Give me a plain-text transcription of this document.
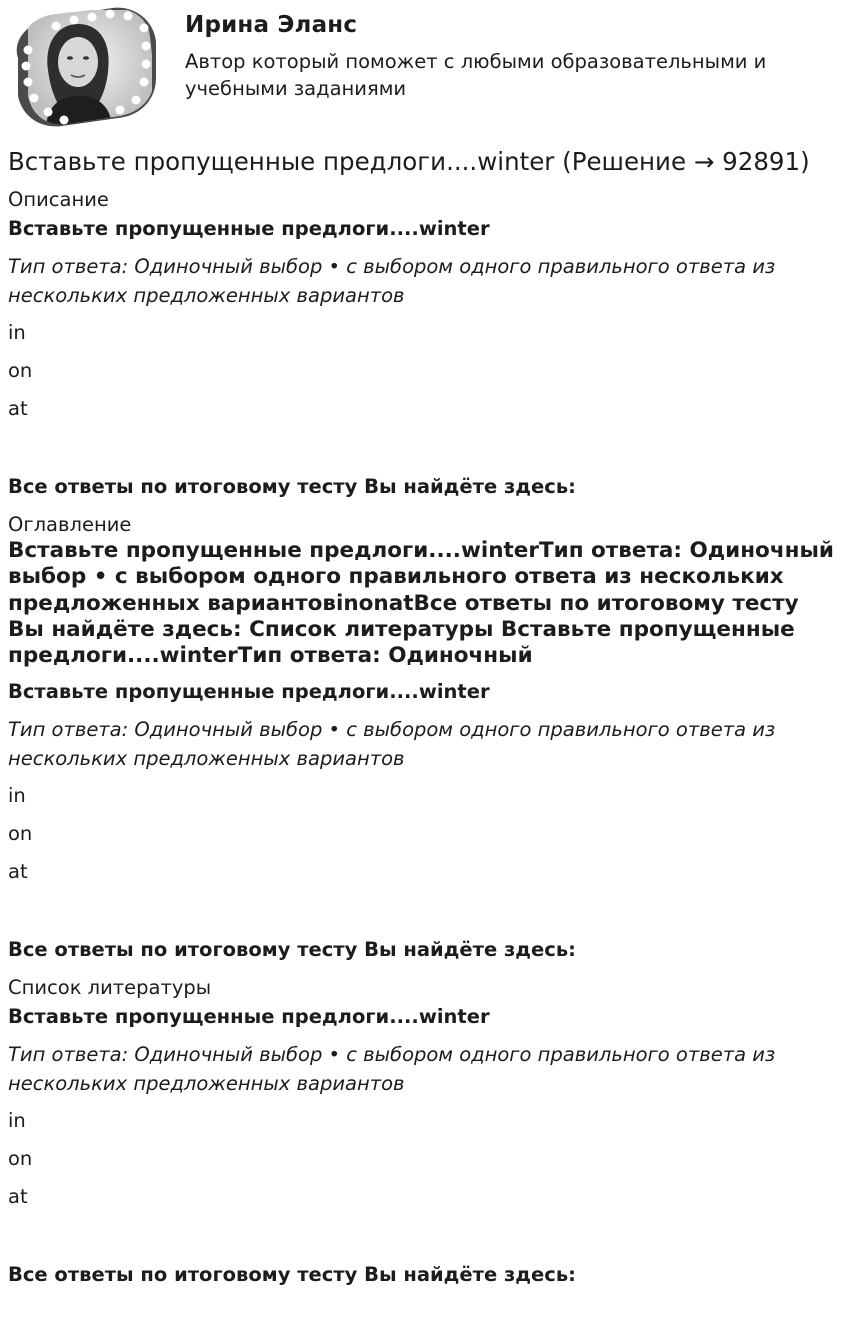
Ирина Эланс

Автор который поможет с любыми образовательными и учебными заданиями

Вставьте пропущенные предлоги....winter (Решение → 92891)

Описание

Вставьте пропущенные предлоги....winter

Тип ответа: Одиночный выбор • с выбором одного правильного ответа из нескольких предложенных вариантов

in

on

at

Все ответы по итоговому тесту Вы найдёте здесь:

Оглавление

Вставьте пропущенные предлоги....winterТип ответа: Одиночный выбор • с выбором одного правильного ответа из нескольких предложенных вариантовinonatВсе ответы по итоговому тесту Вы найдёте здесь: Список литературы Вставьте пропущенные предлоги....winterТип ответа: Одиночный

Вставьте пропущенные предлоги....winter

Тип ответа: Одиночный выбор • с выбором одного правильного ответа из нескольких предложенных вариантов

in

on

at

Все ответы по итоговому тесту Вы найдёте здесь:

Список литературы

Вставьте пропущенные предлоги....winter

Тип ответа: Одиночный выбор • с выбором одного правильного ответа из нескольких предложенных вариантов

in

on

at

Все ответы по итоговому тесту Вы найдёте здесь:
